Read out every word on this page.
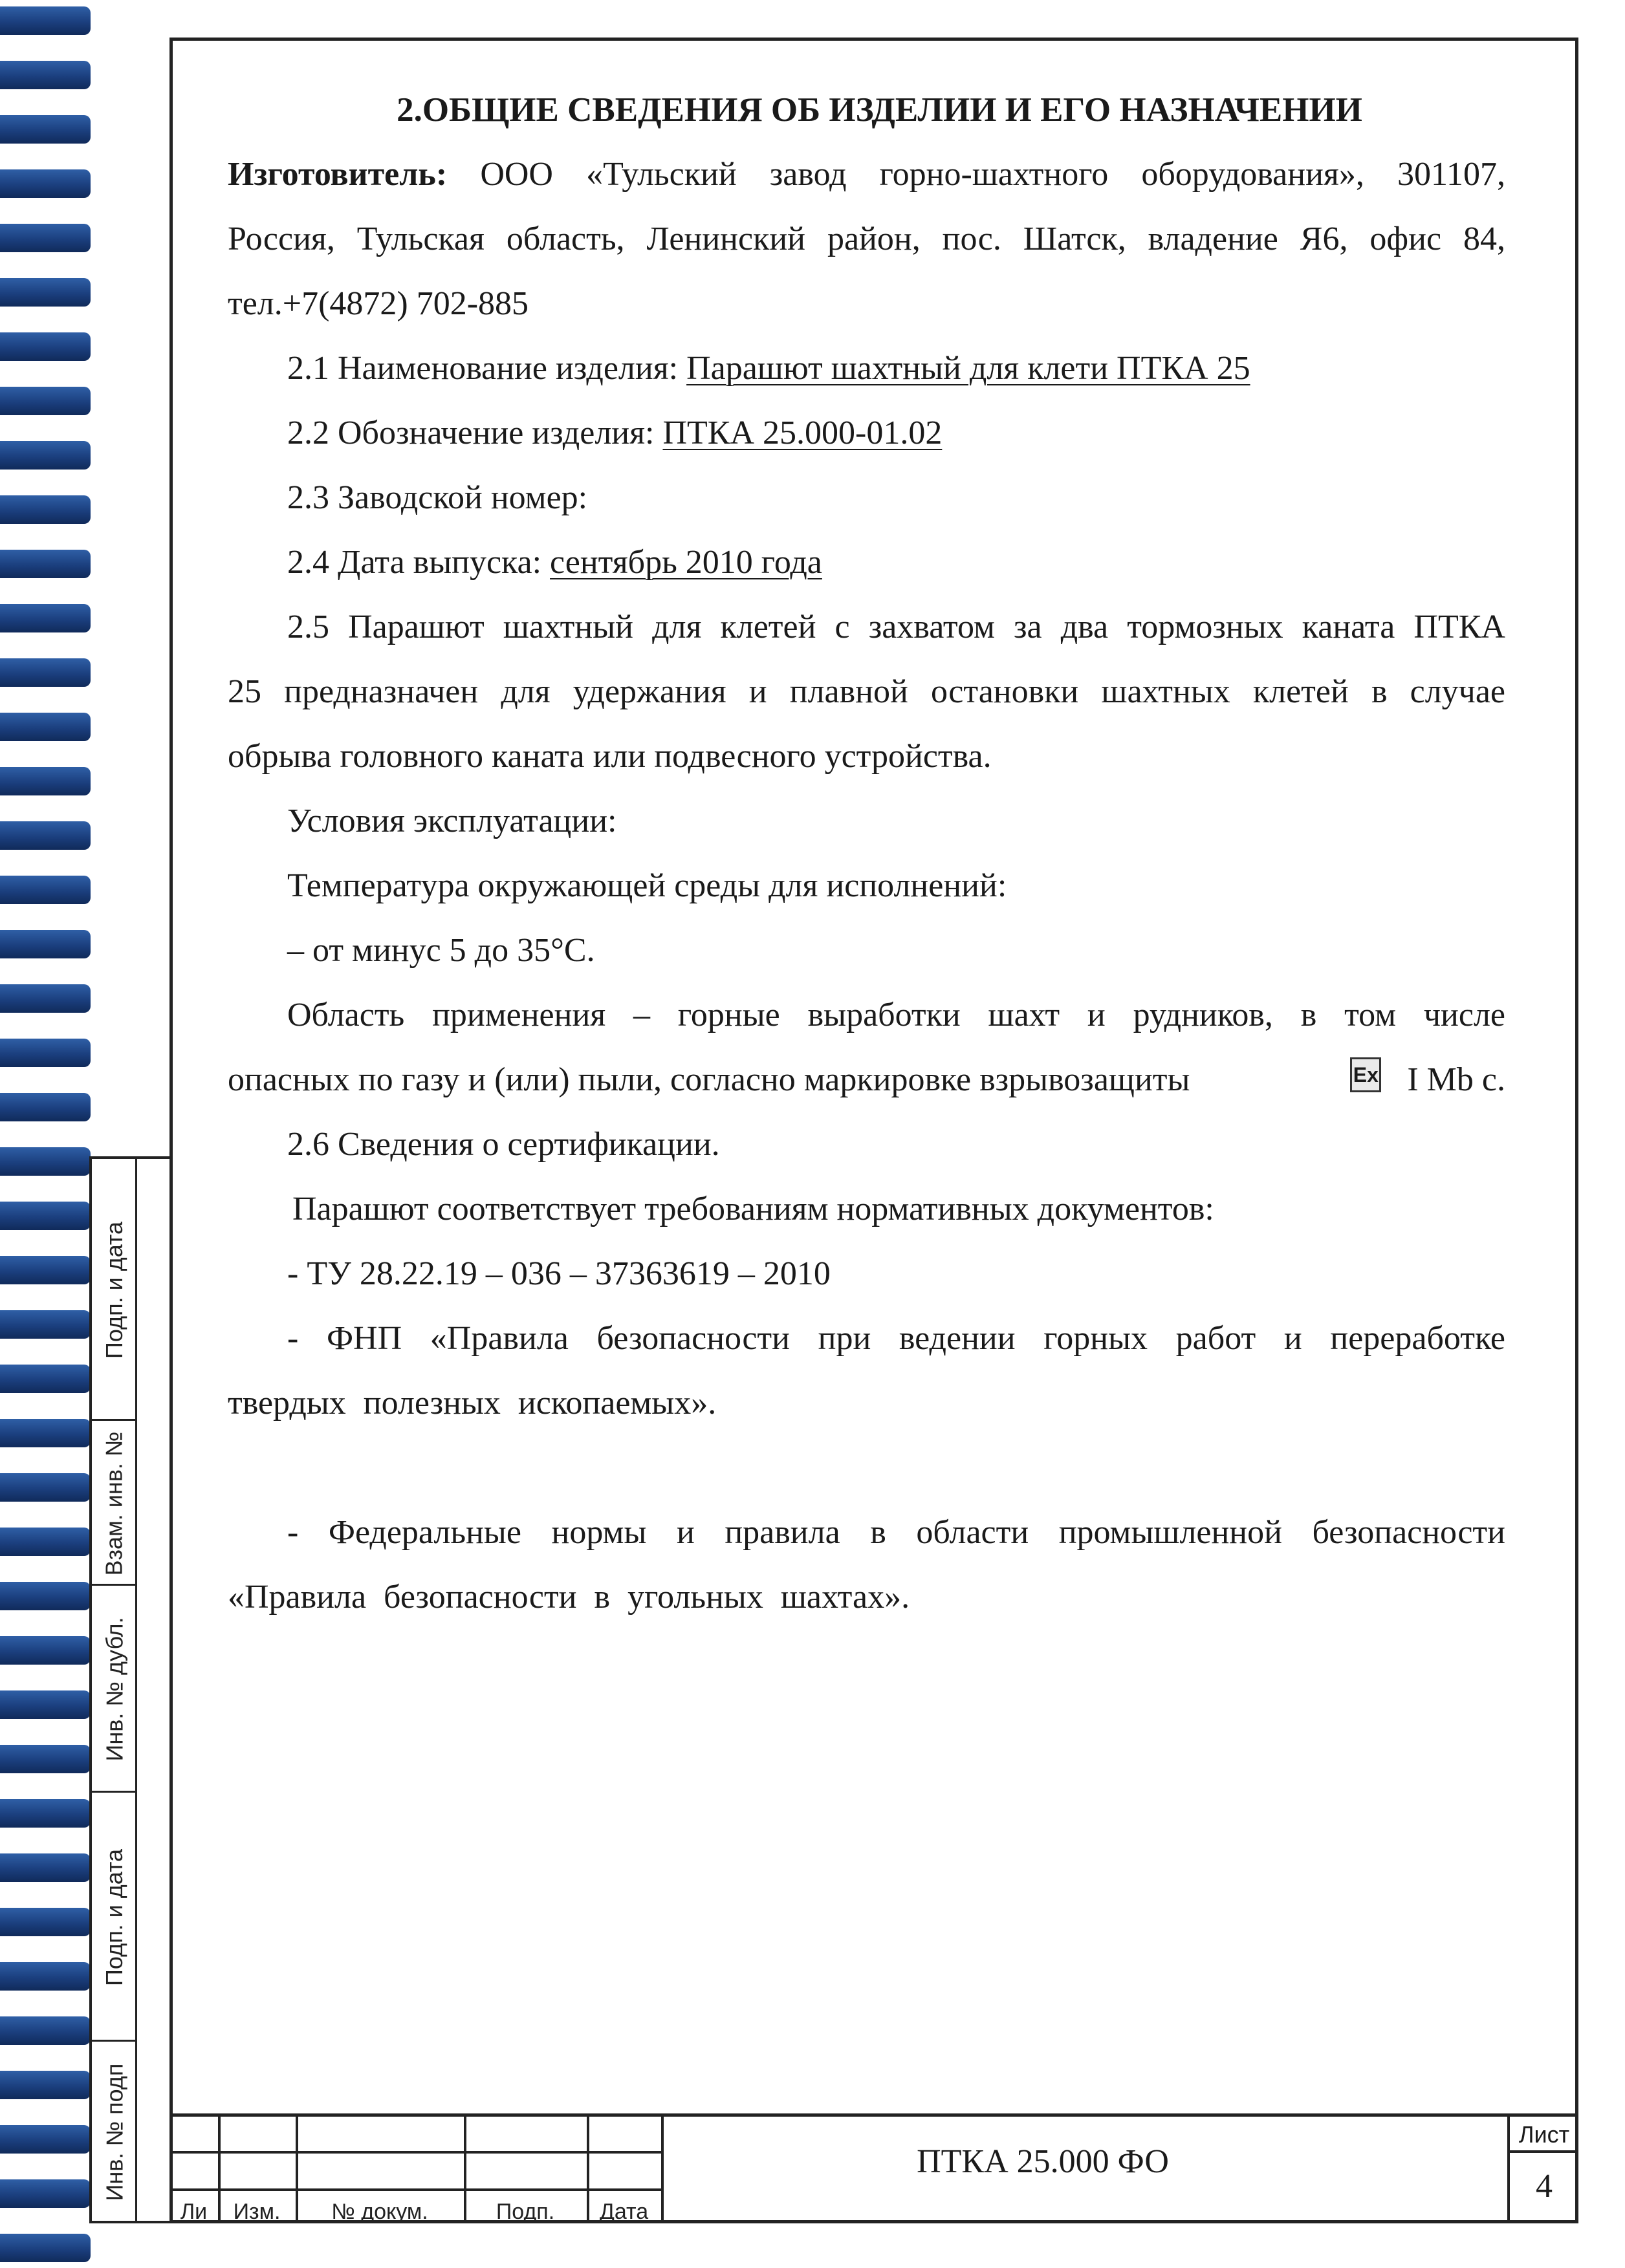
Подп. и дата
Взам. инв. №
Инв. № дубл.
Подп. и дата
Инв. № подп
2.ОБЩИЕ СВЕДЕНИЯ ОБ ИЗДЕЛИИ И ЕГО НАЗНАЧЕНИИ

Изготовитель: ООО «Тульский завод горно-шахтного оборудования», 301107,

Россия, Тульская область, Ленинский район, пос. Шатск, владение Я6, офис 84,

тел.+7(4872) 702-885

2.1 Наименование изделия: Парашют шахтный для клети ПТКА 25

2.2 Обозначение изделия: ПТКА 25.000-01.02

2.3 Заводской номер:

2.4 Дата выпуска: сентябрь 2010 года

2.5 Парашют шахтный для клетей с захватом за два тормозных каната ПТКА

25 предназначен для удержания и плавной остановки шахтных клетей в случае

обрыва головного каната или подвесного устройства.

Условия эксплуатации:

Температура окружающей среды для исполнений:

– от минус 5 до 35°С.

Область применения – горные выработки шахт и рудников, в том числе

опасных по газу и (или) пыли, согласно маркировке взрывозащиты	Ex I Mb с.

2.6 Сведения о сертификации.

Парашют соответствует требованиям нормативных документов:

- ТУ 28.22.19 – 036 – 37363619 – 2010

- ФНП «Правила безопасности при ведении горных работ и переработке

твердых полезных ископаемых».

- Федеральные нормы и правила в области промышленной безопасности

«Правила безопасности в угольных шахтах».

Ли	Изм.	№ докум.	Подп.	Дата
ПТКА 25.000 ФО
Лист
4
